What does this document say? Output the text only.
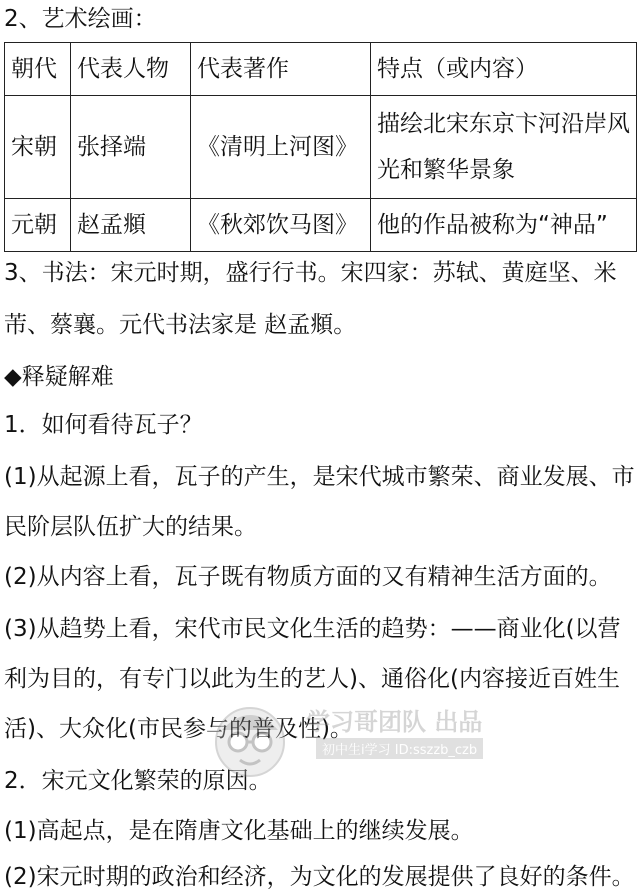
2、艺术绘画：
朝代	代表人物	代表著作	特点（或内容）
宋朝	张择端	《清明上河图》	描绘北宋东京卞河沿岸风光和繁华景象
元朝	赵孟頫	《秋郊饮马图》	他的作品被称为“神品”
3、书法：宋元时期，盛行行书。宋四家：苏轼、黄庭坚、米
芾、蔡襄。元代书法家是 赵孟頫。
◆释疑解难
1．如何看待瓦子？
(1)从起源上看，瓦子的产生，是宋代城市繁荣、商业发展、市
民阶层队伍扩大的结果。
(2)从内容上看，瓦子既有物质方面的又有精神生活方面的。
(3)从趋势上看，宋代市民文化生活的趋势：——商业化(以营
利为目的，有专门以此为生的艺人)、通俗化(内容接近百姓生
活)、大众化(市民参与的普及性)。
2．宋元文化繁荣的原因。
(1)高起点，是在隋唐文化基础上的继续发展。
(2)宋元时期的政治和经济，为文化的发展提供了良好的条件。
学习哥团队 出品
初中生i学习 ID:sszzb_czb
